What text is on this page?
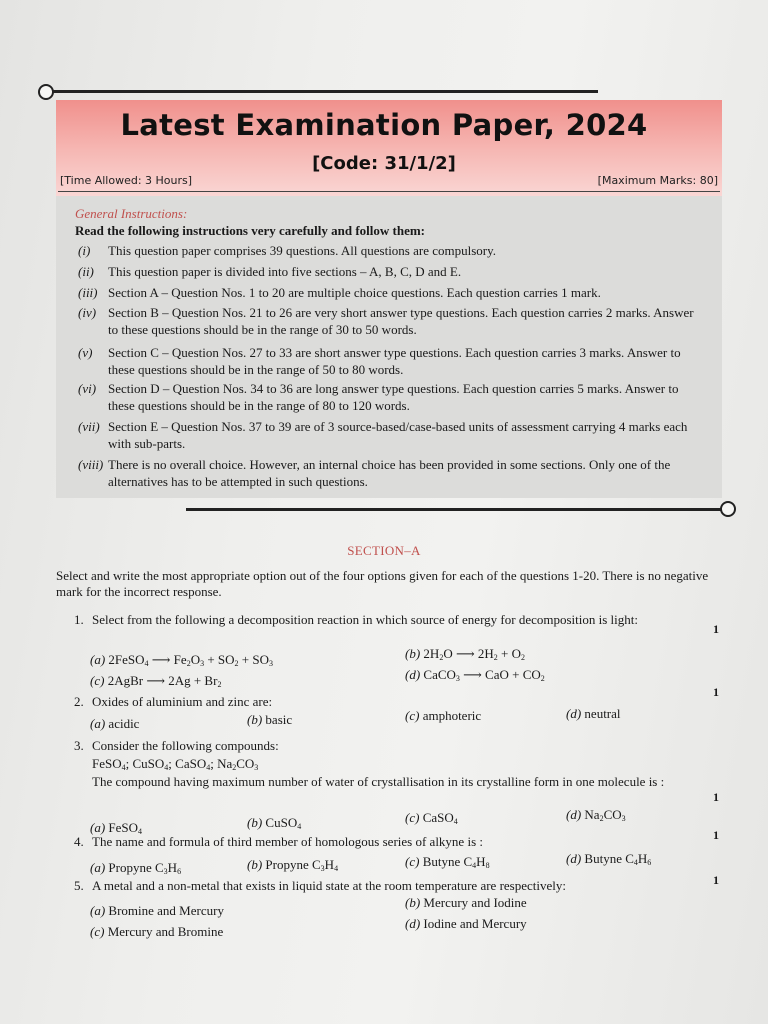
Latest Examination Paper, 2024
[Code: 31/1/2]
[Time Allowed: 3 Hours]	[Maximum Marks: 80]
General Instructions:
Read the following instructions very carefully and follow them:
(i)	This question paper comprises 39 questions. All questions are compulsory.
(ii)	This question paper is divided into five sections – A, B, C, D and E.
(iii) Section A – Question Nos. 1 to 20 are multiple choice questions. Each question carries 1 mark.
(iv) Section B – Question Nos. 21 to 26 are very short answer type questions. Each question carries 2 marks. Answer to these questions should be in the range of 30 to 50 words.
(v)	Section C – Question Nos. 27 to 33 are short answer type questions. Each question carries 3 marks. Answer to these questions should be in the range of 50 to 80 words.
(vi) Section D – Question Nos. 34 to 36 are long answer type questions. Each question carries 5 marks. Answer to these questions should be in the range of 80 to 120 words.
(vii) Section E – Question Nos. 37 to 39 are of 3 source-based/case-based units of assessment carrying 4 marks each with sub-parts.
(viii) There is no overall choice. However, an internal choice has been provided in some sections. Only one of the alternatives has to be attempted in such questions.
SECTION–A
Select and write the most appropriate option out of the four options given for each of the questions 1-20. There is no negative mark for the incorrect response.
1. Select from the following a decomposition reaction in which source of energy for decomposition is light:
1
(a) 2FeSO$_4$ ⟶ $Fe_2O_3 + SO_2 + SO_3$
(b) $2H_2O$ ⟶ $2H_2 + O_2$
(c) 2AgBr ⟶ $2Ag + Br_2$
(d) CaCO$_3$ ⟶ CaO + $CO_2$
2. Oxides of aluminium and zinc are:
1
(a) acidic	(b) basic	(c) amphoteric	(d) neutral
3. Consider the following compounds:
FeSO$_4$; CuSO$_4$; CaSO$_4$; $Na_2CO_3$
The compound having maximum number of water of crystallisation in its crystalline form in one molecule is :
1
(a) FeSO$_4$
(b) CuSO$_4$
(c) CaSO$_4$	(d) $Na_2CO_3$
4. The name and formula of third member of homologous series of alkyne is :	1
(a) Propyne $C_3H_6$	(b) Propyne $C_3H_4$	(c) Butyne $C_4H_8$	(d) Butyne $C_4H_6$
5. A metal and a non-metal that exists in liquid state at the room temperature are respectively:	1
(a) Bromine and Mercury
(b) Mercury and Iodine
(c) Mercury and Bromine
(d) Iodine and Mercury
